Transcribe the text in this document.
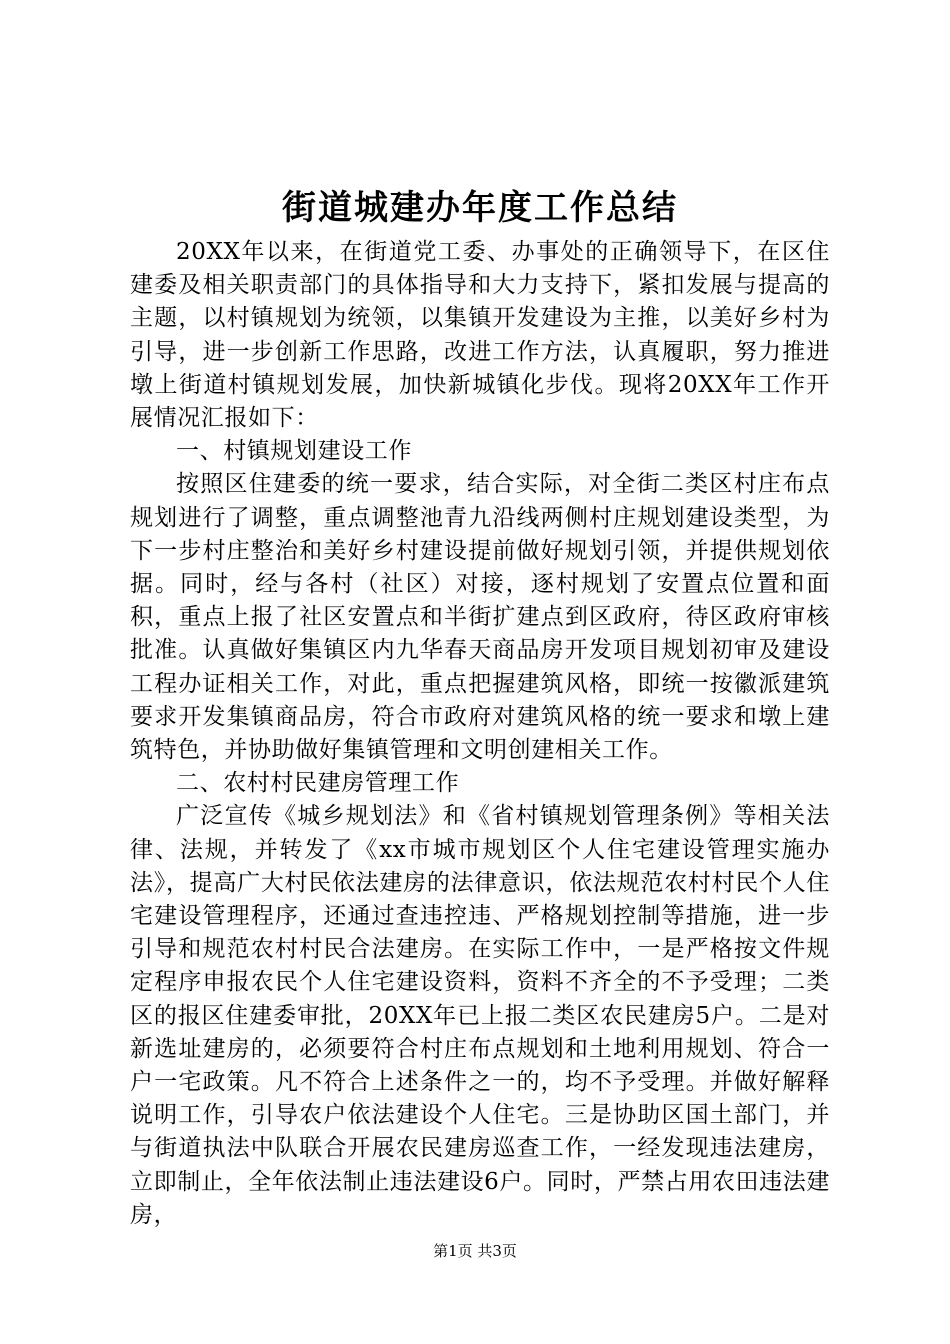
街道城建办年度工作总结

20XX年以来，在街道党工委、办事处的正确领导下，在区住建委及相关职责部门的具体指导和大力支持下，紧扣发展与提高的主题，以村镇规划为统领，以集镇开发建设为主推，以美好乡村为引导，进一步创新工作思路，改进工作方法，认真履职，努力推进墩上街道村镇规划发展，加快新城镇化步伐。现将20XX年工作开展情况汇报如下：

一、村镇规划建设工作

按照区住建委的统一要求，结合实际，对全街二类区村庄布点规划进行了调整，重点调整池青九沿线两侧村庄规划建设类型，为下一步村庄整治和美好乡村建设提前做好规划引领，并提供规划依据。同时，经与各村（社区）对接，逐村规划了安置点位置和面积，重点上报了社区安置点和半街扩建点到区政府，待区政府审核批准。认真做好集镇区内九华春天商品房开发项目规划初审及建设工程办证相关工作，对此，重点把握建筑风格，即统一按徽派建筑要求开发集镇商品房，符合市政府对建筑风格的统一要求和墩上建筑特色，并协助做好集镇管理和文明创建相关工作。

二、农村村民建房管理工作

广泛宣传《城乡规划法》和《省村镇规划管理条例》等相关法律、法规，并转发了《xx市城市规划区个人住宅建设管理实施办法》，提高广大村民依法建房的法律意识，依法规范农村村民个人住宅建设管理程序，还通过查违控违、严格规划控制等措施，进一步引导和规范农村村民合法建房。在实际工作中，一是严格按文件规定程序申报农民个人住宅建设资料，资料不齐全的不予受理；二类区的报区住建委审批，20XX年已上报二类区农民建房5户。二是对新选址建房的，必须要符合村庄布点规划和土地利用规划、符合一户一宅政策。凡不符合上述条件之一的，均不予受理。并做好解释说明工作，引导农户依法建设个人住宅。三是协助区国土部门，并与街道执法中队联合开展农民建房巡查工作，一经发现违法建房，立即制止，全年依法制止违法建设6户。同时，严禁占用农田违法建房，

第1页 共3页
